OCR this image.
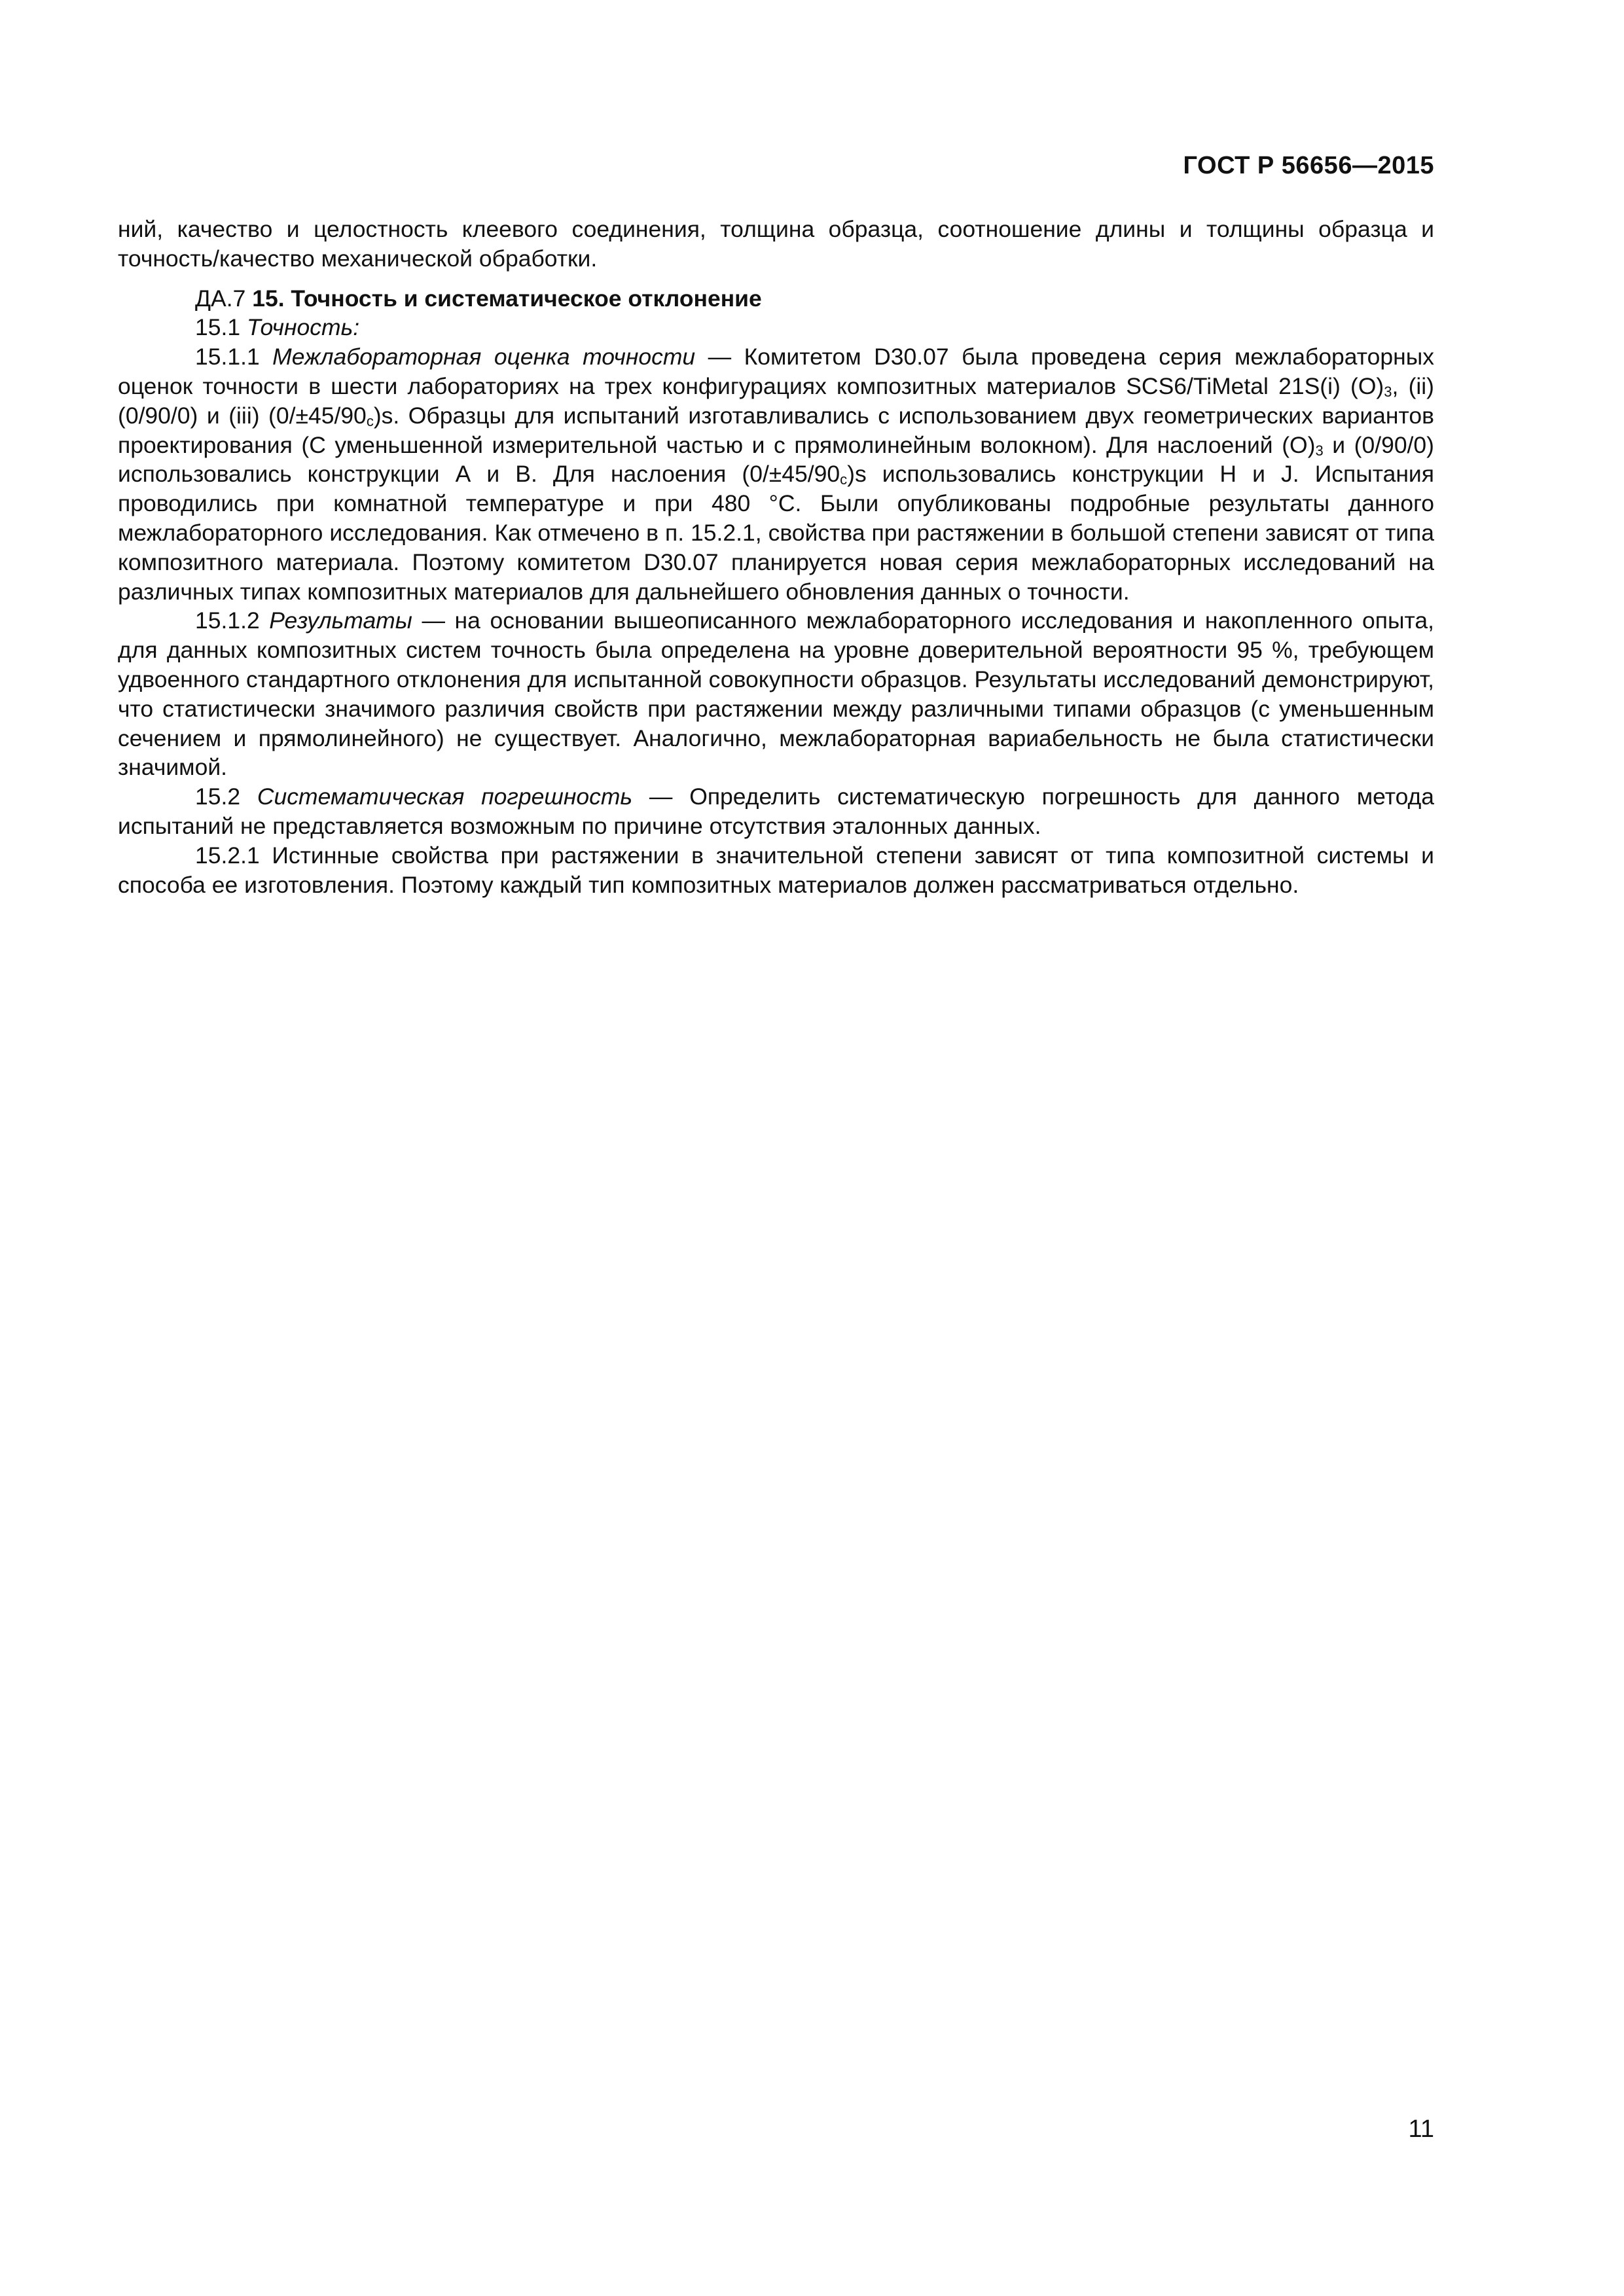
ГОСТ Р 56656—2015

ний, качество и целостность клеевого соединения, толщина образца, соотношение длины и толщины образца и точность/качество механической обработки.

ДА.7 15. Точность и систематическое отклонение

15.1 Точность:

15.1.1 Межлабораторная оценка точности — Комитетом D30.07 была проведена серия межлабораторных оценок точности в шести лабораториях на трех конфигурациях композитных материалов SCS6/TiMetal 21S(i) $(O)_3$, (ii) (0/90/0) и (iii) $(0/\pm 45/90_c)s$. Образцы для испытаний изготавливались с использованием двух геометрических вариантов проектирования (С уменьшенной измерительной частью и с прямолинейным волокном). Для наслоений $(O)_3$ и (0/90/0) использовались конструкции А и В. Для наслоения $(0/\pm 45/90_c)s$ использовались конструкции Н и J. Испытания проводились при комнатной температуре и при 480 °C. Были опубликованы подробные результаты данного межлабораторного исследования. Как отмечено в п. 15.2.1, свойства при растяжении в большой степени зависят от типа композитного материала. Поэтому комитетом D30.07 планируется новая серия межлабораторных исследований на различных типах композитных материалов для дальнейшего обновления данных о точности.

15.1.2 Результаты — на основании вышеописанного межлабораторного исследования и накопленного опыта, для данных композитных систем точность была определена на уровне доверительной вероятности 95 %, требующем удвоенного стандартного отклонения для испытанной совокупности образцов. Результаты исследований демонстрируют, что статистически значимого различия свойств при растяжении между различными типами образцов (с уменьшенным сечением и прямолинейного) не существует. Аналогично, межлабораторная вариабельность не была статистически значимой.

15.2 Систематическая погрешность — Определить систематическую погрешность для данного метода испытаний не представляется возможным по причине отсутствия эталонных данных.

15.2.1 Истинные свойства при растяжении в значительной степени зависят от типа композитной системы и способа ее изготовления. Поэтому каждый тип композитных материалов должен рассматриваться отдельно.

11
